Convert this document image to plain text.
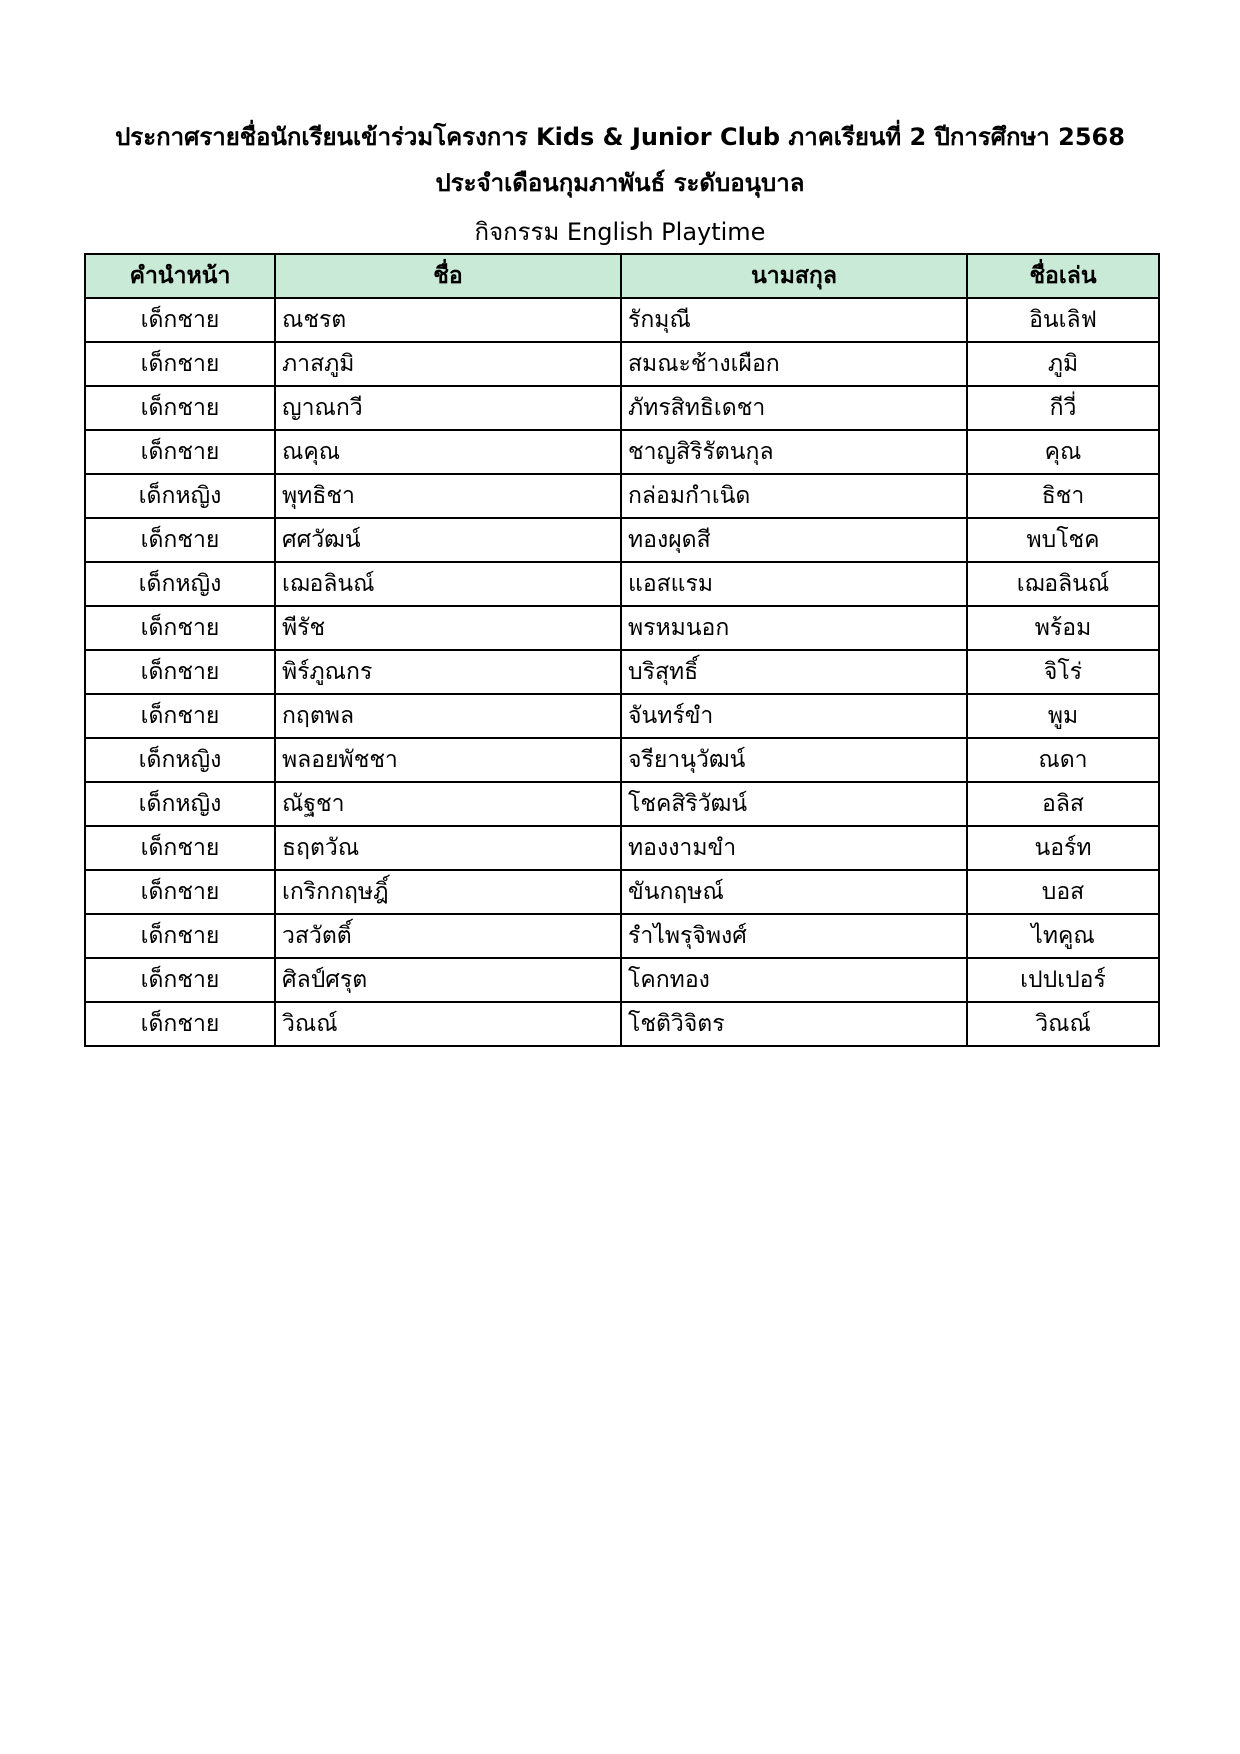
ประกาศรายชื่อนักเรียนเข้าร่วมโครงการ Kids & Junior Club ภาคเรียนที่ 2 ปีการศึกษา 2568
ประจำเดือนกุมภาพันธ์ ระดับอนุบาล
กิจกรรม English Playtime
คำนำหน้า	ชื่อ	นามสกุล	ชื่อเล่น
เด็กชาย	ณชรต	รักมุณี	อินเลิฟ
เด็กชาย	ภาสภูมิ	สมณะช้างเผือก	ภูมิ
เด็กชาย	ญาณกวี	ภัทรสิทธิเดชา	กีวี่
เด็กชาย	ณคุณ	ชาญสิริรัตนกุล	คุณ
เด็กหญิง	พุทธิชา	กล่อมกำเนิด	ธิชา
เด็กชาย	ศศวัฒน์	ทองผุดสี	พบโชค
เด็กหญิง	เฌอลินณ์	แอสแรม	เฌอลินณ์
เด็กชาย	พีรัช	พรหมนอก	พร้อม
เด็กชาย	พิร์ภูณกร	บริสุทธิ์	จิโร่
เด็กชาย	กฤตพล	จันทร์ขำ	พูม
เด็กหญิง	พลอยพัชชา	จรียานุวัฒน์	ณดา
เด็กหญิง	ณัฐชา	โชคสิริวัฒน์	อลิส
เด็กชาย	ธฤตวัณ	ทองงามขำ	นอร์ท
เด็กชาย	เกริกกฤษฎิ์	ขันกฤษณ์	บอส
เด็กชาย	วสวัตติ์	รำไพรุจิพงศ์	ไทคูณ
เด็กชาย	ศิลป์ศรุต	โคกทอง	เปปเปอร์
เด็กชาย	วิณณ์	โชติวิจิตร	วิณณ์
